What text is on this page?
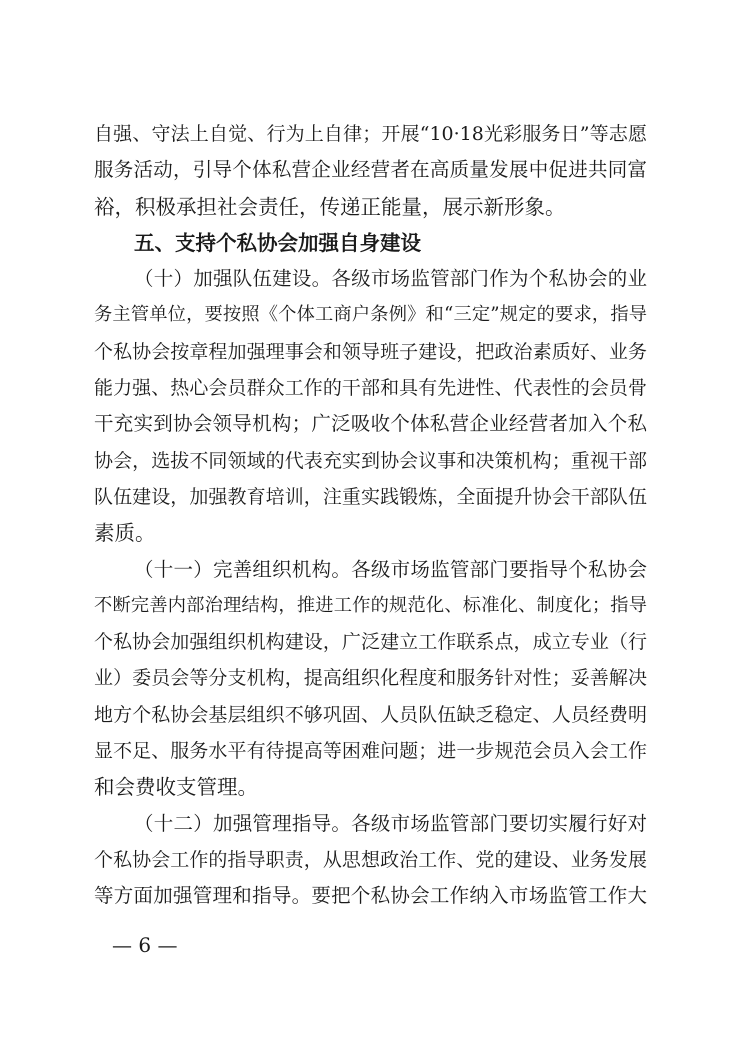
自强、守法上自觉、行为上自律；开展“10·18光彩服务日”等志愿
服务活动，引导个体私营企业经营者在高质量发展中促进共同富
裕，积极承担社会责任，传递正能量，展示新形象。
五、支持个私协会加强自身建设
（十）加强队伍建设。各级市场监管部门作为个私协会的业
务主管单位，要按照《个体工商户条例》和“三定”规定的要求，指导
个私协会按章程加强理事会和领导班子建设，把政治素质好、业务
能力强、热心会员群众工作的干部和具有先进性、代表性的会员骨
干充实到协会领导机构；广泛吸收个体私营企业经营者加入个私
协会，选拔不同领域的代表充实到协会议事和决策机构；重视干部
队伍建设，加强教育培训，注重实践锻炼，全面提升协会干部队伍
素质。
（十一）完善组织机构。各级市场监管部门要指导个私协会
不断完善内部治理结构，推进工作的规范化、标准化、制度化；指导
个私协会加强组织机构建设，广泛建立工作联系点，成立专业（行
业）委员会等分支机构，提高组织化程度和服务针对性；妥善解决
地方个私协会基层组织不够巩固、人员队伍缺乏稳定、人员经费明
显不足、服务水平有待提高等困难问题；进一步规范会员入会工作
和会费收支管理。
（十二）加强管理指导。各级市场监管部门要切实履行好对
个私协会工作的指导职责，从思想政治工作、党的建设、业务发展
等方面加强管理和指导。要把个私协会工作纳入市场监管工作大
— 6 —
